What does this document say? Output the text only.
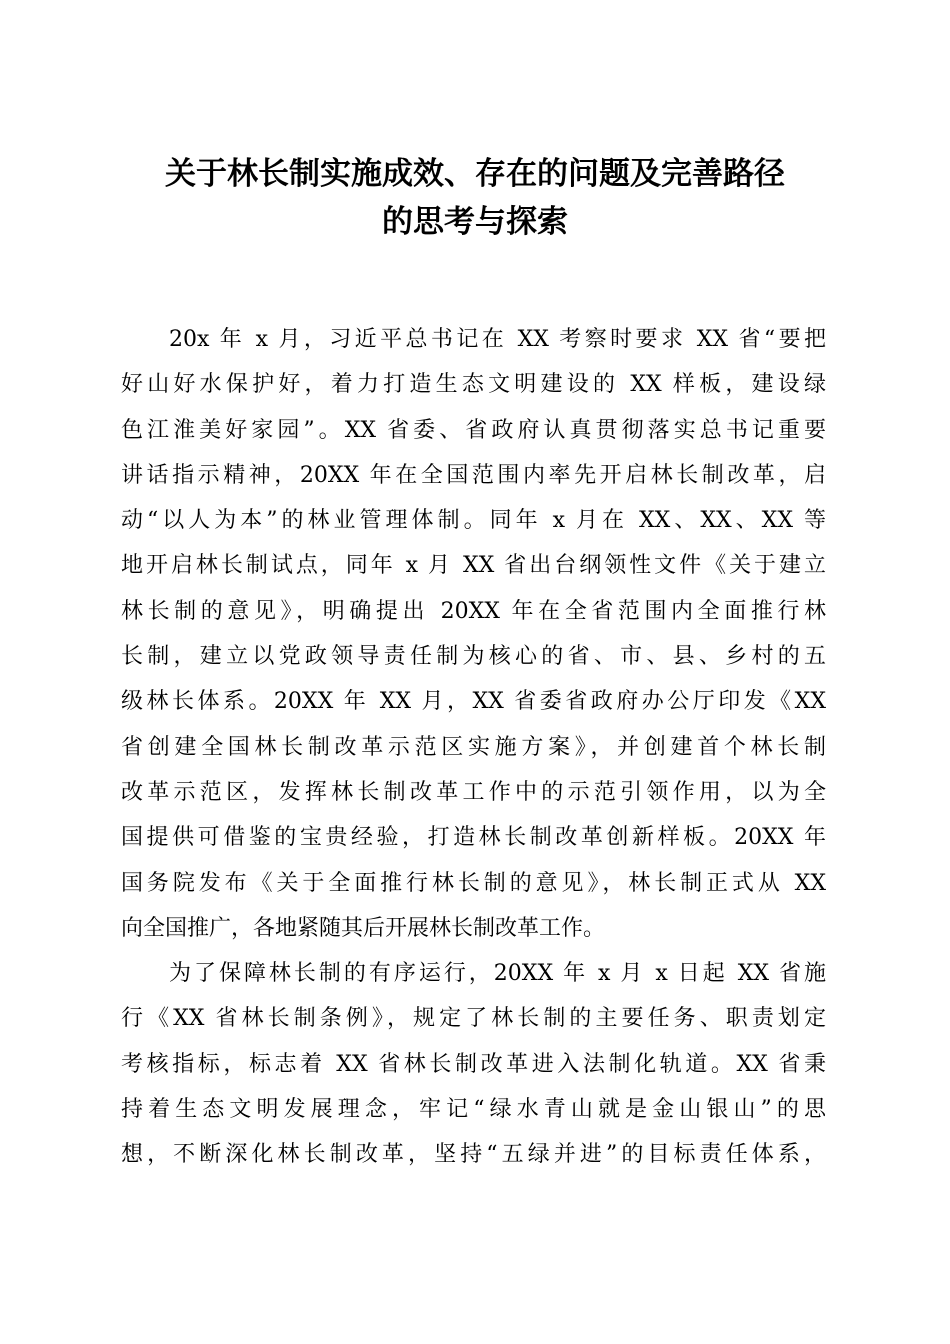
关于林长制实施成效、存在的问题及完善路径
的思考与探索
20x 年 x 月，习近平总书记在 XX 考察时要求 XX 省“要把
好山好水保护好，着力打造生态文明建设的 XX 样板，建设绿
色江淮美好家园”。XX 省委、省政府认真贯彻落实总书记重要
讲话指示精神，20XX 年在全国范围内率先开启林长制改革，启
动“以人为本”的林业管理体制。同年 x 月在 XX、XX、XX 等
地开启林长制试点，同年 x 月 XX 省出台纲领性文件《关于建立
林长制的意见》，明确提出 20XX 年在全省范围内全面推行林
长制，建立以党政领导责任制为核心的省、市、县、乡村的五
级林长体系。20XX 年 XX 月，XX 省委省政府办公厅印发《XX
省创建全国林长制改革示范区实施方案》，并创建首个林长制
改革示范区，发挥林长制改革工作中的示范引领作用，以为全
国提供可借鉴的宝贵经验，打造林长制改革创新样板。20XX 年
国务院发布《关于全面推行林长制的意见》，林长制正式从 XX
向全国推广，各地紧随其后开展林长制改革工作。
为了保障林长制的有序运行，20XX 年 x 月 x 日起 XX 省施
行《XX 省林长制条例》，规定了林长制的主要任务、职责划定
考核指标，标志着 XX 省林长制改革进入法制化轨道。XX 省秉
持着生态文明发展理念，牢记“绿水青山就是金山银山”的思
想，不断深化林长制改革，坚持“五绿并进”的目标责任体系，
